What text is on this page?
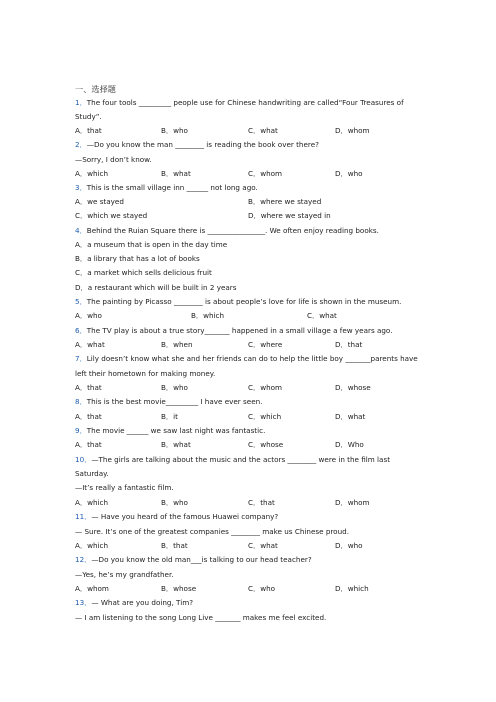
一、选择题
1．The four tools _________ people use for Chinese handwriting are called“Four Treasures of
Study”.
A．that	B．who	C．what	D．whom
2．—Do you know the man ________ is reading the book over there?
—Sorry, I don’t know.
A．which	B．what	C．whom	D．who
3．This is the small village inn ______ not long ago.
A．we stayed	B．where we stayed
C．which we stayed	D．where we stayed in
4．Behind the Ruian Square there is ________________. We often enjoy reading books.
A．a museum that is open in the day time
B．a library that has a lot of books
C．a market which sells delicious fruit
D．a restaurant which will be built in 2 years
5．The painting by Picasso ________ is about people’s love for life is shown in the museum.
A．who	B．which	C．what
6．The TV play is about a true story_______ happened in a small village a few years ago.
A．what	B．when	C．where	D．that
7．Lily doesn’t know what she and her friends can do to help the little boy _______parents have
left their hometown for making money.
A．that	B．who	C．whom	D．whose
8．This is the best movie_________ I have ever seen.
A．that	B．it	C．which	D．what
9．The movie ______ we saw last night was fantastic.
A．that	B．what	C．whose	D．Who
10．—The girls are talking about the music and the actors ________ were in the film last
Saturday.
—It’s really a fantastic film.
A．which	B．who	C．that	D．whom
11．— Have you heard of the famous Huawei company?
— Sure. It’s one of the greatest companies ________ make us Chinese proud.
A．which	B．that	C．what	D．who
12．—Do you know the old man___is talking to our head teacher?
—Yes, he’s my grandfather.
A．whom	B．whose	C．who	D．which
13．— What are you doing, Tim?
— I am listening to the song Long Live _______ makes me feel excited.
